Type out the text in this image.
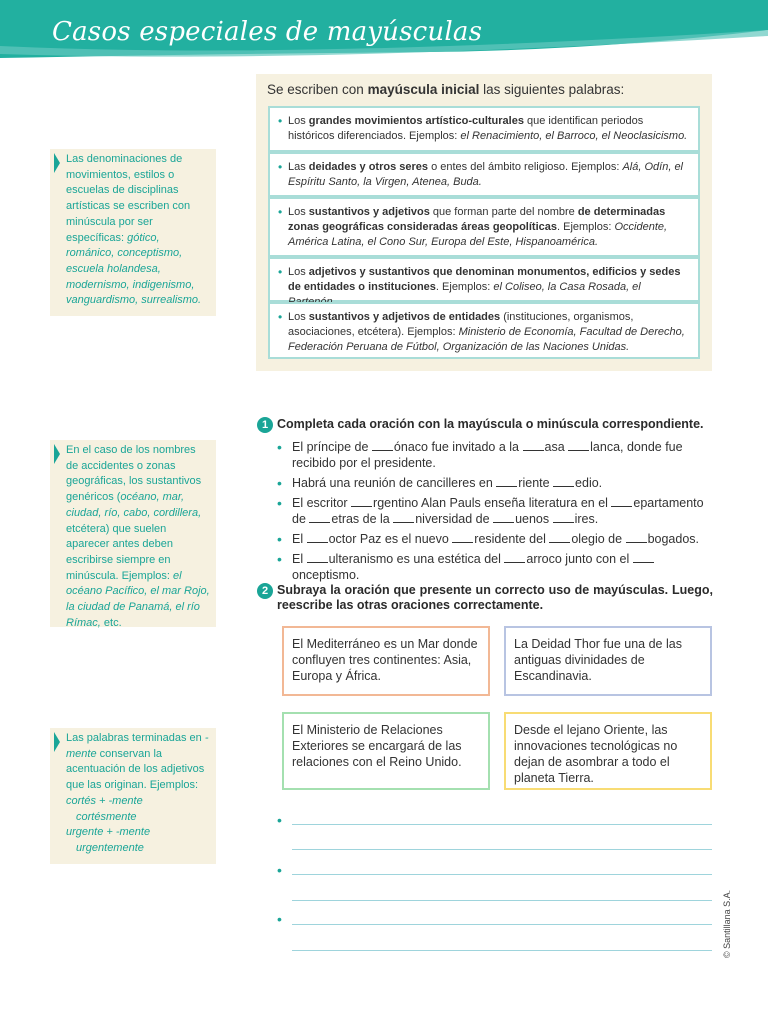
Casos especiales de mayúsculas
Se escriben con mayúscula inicial las siguientes palabras:
• Los grandes movimientos artístico-culturales que identifican periodos históricos diferenciados. Ejemplos: el Renacimiento, el Barroco, el Neoclasicismo.
• Las deidades y otros seres o entes del ámbito religioso. Ejemplos: Alá, Odín, el Espíritu Santo, la Virgen, Atenea, Buda.
• Los sustantivos y adjetivos que forman parte del nombre de determinadas zonas geográficas consideradas áreas geopolíticas. Ejemplos: Occidente, América Latina, el Cono Sur, Europa del Este, Hispanoamérica.
• Los adjetivos y sustantivos que denominan monumentos, edificios y sedes de entidades o instituciones. Ejemplos: el Coliseo, la Casa Rosada, el
• Los sustantivos y adjetivos de entidades (instituciones, organismos, asociaciones, etcétera). Ejemplos: Ministerio de Economía, Facultad de Derecho, Federación Peruana de Fútbol, Organización de las Naciones Unidas.
Las denominaciones de movimientos, estilos o escuelas de disciplinas artísticas se escriben con minúscula por ser específicas: gótico, románico, conceptismo, escuela holandesa, modernismo, indigenismo, vanguardismo, surrealismo.
En el caso de los nombres de accidentes o zonas geográficas, los sustantivos genéricos (océano, mar, ciudad, río, cabo, cordillera, etcétera) que suelen aparecer antes deben escribirse siempre en minúscula. Ejemplos: el océano Pacífico, el mar Rojo, la ciudad de Panamá, el río Rímac, etc.
Las palabras terminadas en -mente conservan la acentuación de los adjetivos que las originan. Ejemplos:
cortés + -mente
cortésmente
urgente + -mente
urgentemente
1 Completa cada oración con la mayúscula o minúscula correspondiente.
• El príncipe de ónaco fue invitado a la asa lanca, donde fue recibido por el presidente.
• Habrá una reunión de cancilleres en riente edio.
• El escritor rgentino Alan Pauls enseña literatura en el epartamento de etras de la niversidad de uenos ires.
• El octor Paz es el nuevo residente del olegio de bogados.
• El ulteranismo es una estética del arroco junto con el onceptismo.
2 Subraya la oración que presente un correcto uso de mayúsculas. Luego, reescribe las otras oraciones correctamente.
El Mediterráneo es un Mar donde confluyen tres continentes: Asia, Europa y África.
La Deidad Thor fue una de las antiguas divinidades de Escandinavia.
El Ministerio de Relaciones Exteriores se encargará de las relaciones con el Reino Unido.
Desde el lejano Oriente, las innovaciones tecnológicas no dejan de asombrar a todo el planeta Tierra.
•
•
•	© Santillana S.A.
